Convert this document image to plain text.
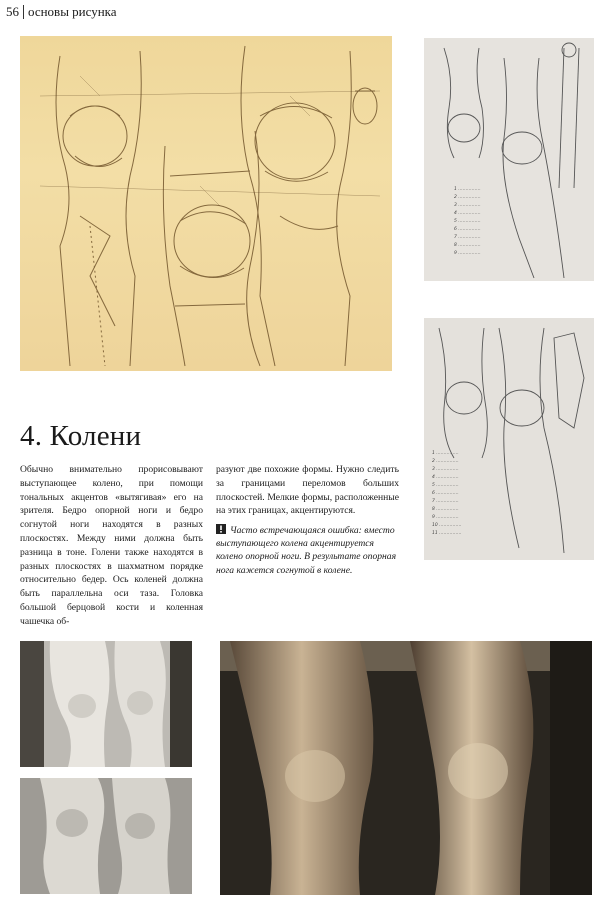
56 основы рисунка
1 ……………
2 ……………
3 ……………
4 ……………
5 ……………
6 ……………
7 ……………
8 ……………
9 ……………
1 ……………
2 ……………
3 ……………
4 ……………
5 ……………
6 ……………
7 ……………
8 ……………
9 ……………
10 ……………
11 ……………
4. Колени

Обычно внимательно прорисовывают выступающее колено, при помощи тональных акцентов «вытягивая» его на зрителя. Бедро опорной ноги и бедро согнутой ноги находятся в разных плоскостях. Между ними должна быть разница в тоне. Голени также находятся в разных плоскостях в шахматном порядке относительно бедер. Ось коленей должна быть параллельна оси таза. Головка большой берцовой кости и коленная чашечка об-

разуют две похожие формы. Нужно следить за границами переломов больших плоскостей. Мелкие формы, расположенные на этих границах, акцентируются.

Часто встречающаяся ошибка: вместо выступающего колена акцентируется колено опорной ноги. В результате опорная нога кажется согнутой в колене.
